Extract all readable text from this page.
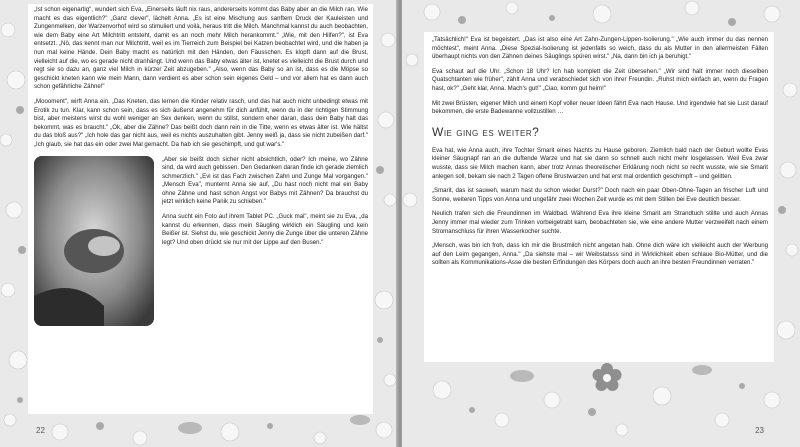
„Ist schon eigenartig", wundert sich Eva, „Einerseits läuft nix raus, andererseits kommt das Baby aber an die Milch ran. Wie macht es das eigentlich?" „Ganz clever", lächelt Anna. „Es ist eine Mischung aus sanftem Druck der Kauleisten und Zungenmelken, der Warzenvorhof wird so stimuliert und voilà, heraus tritt die Milch. Manchmal kannst du auch beobachten, wie dem Baby eine Art Milchtritt entsteht, damit es an noch mehr Milch herankommt." „Wie, mit den Hilfen?", ist Eva entsetzt. „Nö, das kennt man nur Milchtritt, weil es im Tierreich zum Beispiel bei Katzen beobachtet wird, und die haben ja nun mal keine Hände. Dein Baby macht es natürlich mit den Händen, den Fäusschen. Es klopft dann auf die Brust, vielleicht auf die, wo es gerade nicht dranhängt. Und wenn das Baby etwas älter ist, knetet es vielleicht die Brust durch und regt sie so dazu an, ganz viel Milch in kürzer Zeit abzugeben." „Also, wenn das Baby so an ist, dass es die Möpse so geschickt kneten kann wie mein Mann, dann verdient es aber schon sein eigenes Geld – und vor allem hat es dann auch schon gefährliche Zähne!"

„Moooment", wirft Anna ein. „Das Kneten, das lernen die Kinder relativ rasch, und das hat auch nicht unbedingt etwas mit Erotik zu tun. Klar, kann schon sein, dass es sich äußerst angenehm für dich anfühlt, wenn du in der richtigen Stimmung bist, aber meistens wirst du wohl weniger an Sex denken, wenn du stillst, sondern eher daran, dass dein Baby halt das bekommt, was es braucht." „Ok, aber die Zähne? Das beißt doch dann rein in die Titte, wenn es etwas älter ist. Wie hältst du das bloß aus?" „Ich hole das gar nicht aus, weil es nichts auszuhalten gibt. Jenny weiß ja, dass sie nicht zubeißen darf." „Ich glaub, sie hat das ein oder zwei Mal gemacht. Da hab ich sie geschimpft, und gut war's."

„Aber sie beißt doch sicher nicht absichtlich, oder? Ich meine, wo Zähne sind, da wird auch gebissen. Den Gedanken daran finde ich gerade ziemlich schmerzlich." „Evi ist das Fach zwischen Zahn und Zunge Mal vorgangen." „Mensch Eva", munternt Anna sie auf, „Du hast noch nicht mal ein Baby ohne Zähne und hast schon Angst vor Babys mit Zähnen? Da brauchst du jetzt wirklich keine Panik zu schieben."

Anna sucht ein Foto auf ihrem Tablet PC. „Guck mal", meint sie zu Eva, „da kannst du erkennen, dass mein Säugling wirklich ein Säugling und kein Beißer ist. Siehst du, wie geschickt Jenny die Zunge über die unteren Zähne legt? Und oben drückt sie nur mit der Lippe auf den Busen."

22

„Tatsächlich!" Eva ist begeistert. „Das ist also eine Art Zahn-Zungen-Lippen-Isolierung." „Wie auch immer du das nennen möchtest", meint Anna. „Diese Spezial-Isolierung ist jedenfalls so weich, dass du als Mutter in den allermeisten Fällen überhaupt nichts von den Zähnen deines Säuglings spüren wirst." „Na, dann bin ich ja beruhigt."

Eva schaut auf die Uhr. „Schon 18 Uhr? Ich hab komplett die Zeit übersehen." „Wir sind halt immer noch dieselben Quatschtanten wie früher", zählt Anna und verabschiedet sich von ihrer Freundin. „Ruhst mich einfach an, wenn du Fragen hast, ok?" „Geht klar, Anna. Mach's gut!" „Ciao, komm gut heim!"

Mit zwei Brüsten, eigener Milch und einem Kopf voller neuer Ideen fährt Eva nach Hause. Und irgendwie hat sie Lust darauf bekommen, die erste Badewanne vollzustillen …

Wie ging es weiter?

Eva hat, wie Anna auch, ihre Tochter Smarit eines Nachts zu Hause geboren. Ziemlich bald nach der Geburt wollte Evas kleiner Säugnapf ran an die duftende Warze und hat sie dann so schnell auch nicht mehr losgelassen. Weil Eva zwar wusste, dass sie Milch machen kann, aber trotz Annas theoretischer Erklärung noch nicht so recht wusste, wie sie Smarit anlegen soll, bekam sie nach 2 Tagen offene Brustwarzen und hat erst mal ordentlich geschimpft – und gelitten.

„Smarit, das ist sauweh, warum hast du schon wieder Durst?" Doch nach ein paar Oben-Ohne-Tagen an frischer Luft und Sonne, weiteren Tipps von Anna und ungefähr zwei Wochen Zeit wurde es mit dem Stillen bei Eve deutlich besser.

Neulich trafen sich die Freundinnen im Waldbad. Während Eva ihre kleine Smarit am Strandtuch stillte und auch Annas Jenny immer mal wieder zum Trinken vorbeigetrabt kam, beobachteten sie, wie eine andere Mutter verzweifelt nach einem Stromanschluss für ihren Wasserkocher suchte.

„Mensch, was bin ich froh, dass ich mir die Brustmilch nicht angetan hab. Ohne dich wäre ich vielleicht auch der Werbung auf den Leim gegangen, Anna." „Da siehste mal – wir Weibstatsss sind in Wirklichkeit eben schlaue Bio-Mütter, und die sollten als Kommunikations-Asse die besten Erfindungen des Körpers doch auch an ihre besten Freundinnen verraten."

23
